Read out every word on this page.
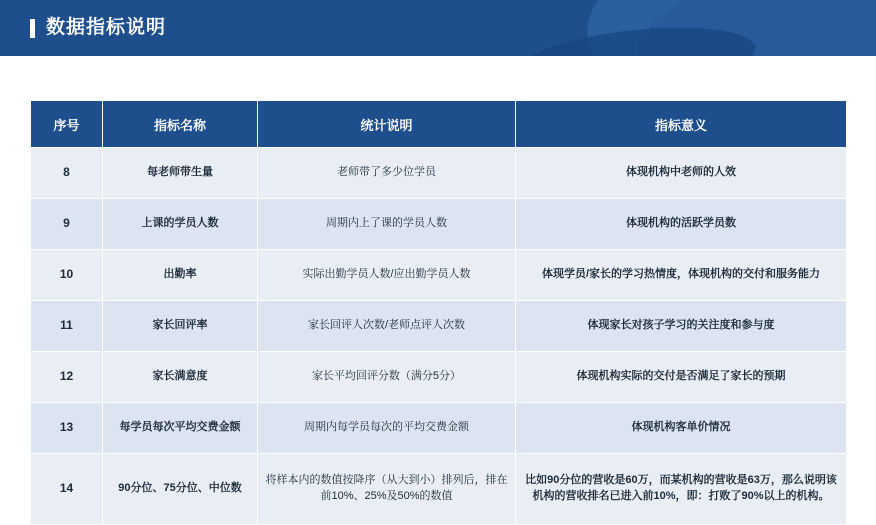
数据指标说明
序号	指标名称	统计说明	指标意义
8	每老师带生量	老师带了多少位学员	体现机构中老师的人效
9	上课的学员人数	周期内上了课的学员人数	体现机构的活跃学员数
10	出勤率	实际出勤学员人数/应出勤学员人数	体现学员/家长的学习热情度，体现机构的交付和服务能力
11	家长回评率	家长回评人次数/老师点评人次数	体现家长对孩子学习的关注度和参与度
12	家长满意度	家长平均回评分数（满分5分）	体现机构实际的交付是否满足了家长的预期
13	每学员每次平均交费金额	周期内每学员每次的平均交费金额	体现机构客单价情况
14	90分位、75分位、中位数	将样本内的数值按降序（从大到小）排列后，排在前10%、25%及50%的数值	比如90分位的营收是60万，而某机构的营收是63万，那么说明该机构的营收排名已进入前10%，即：打败了90%以上的机构。
